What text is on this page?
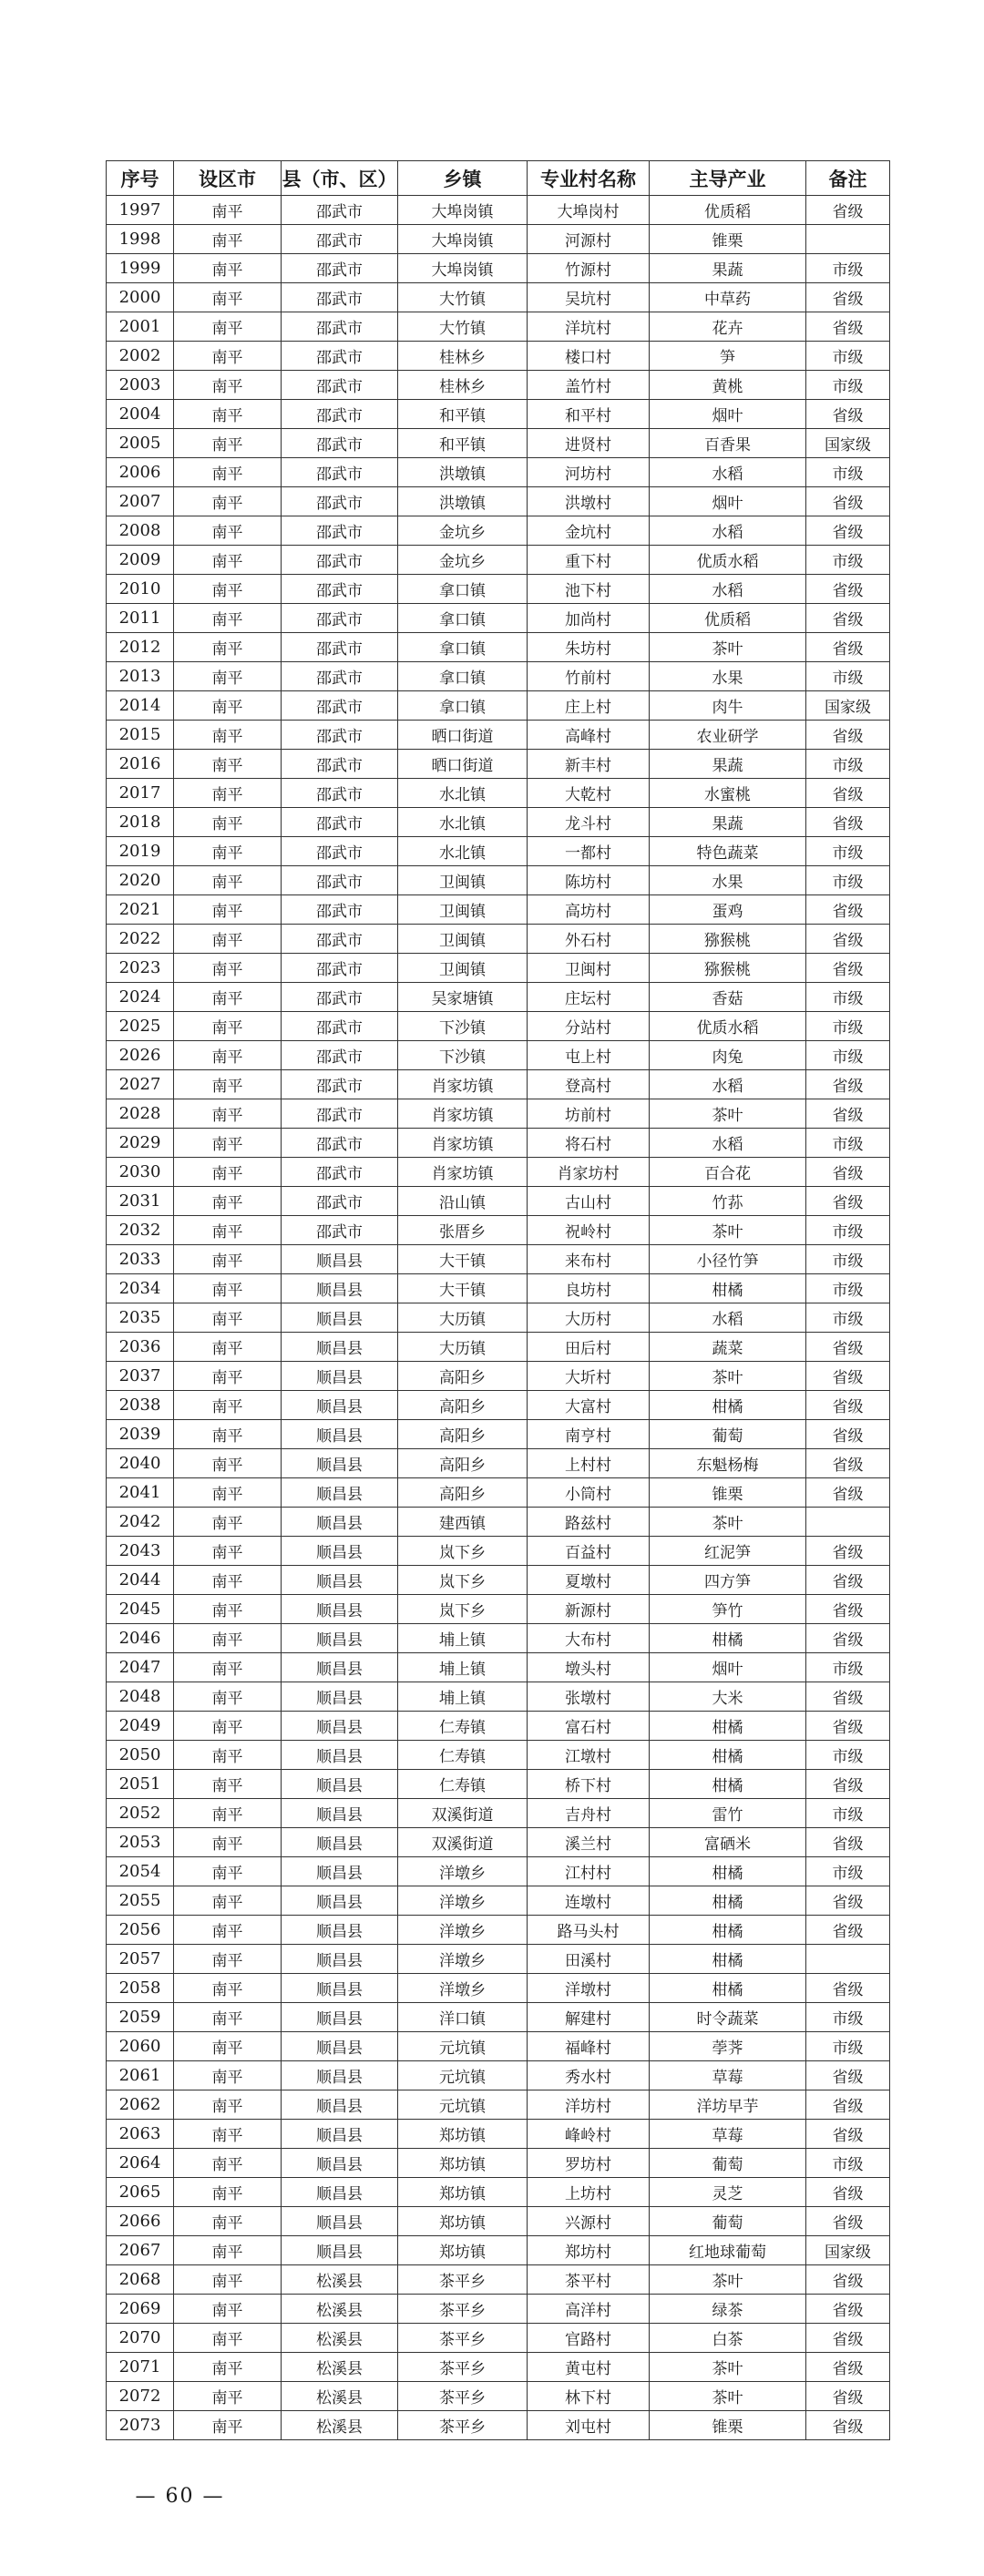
序号	设区市	县（市、区）	乡镇	专业村名称	主导产业	备注
1997	南平	邵武市	大埠岗镇	大埠岗村	优质稻	省级
1998	南平	邵武市	大埠岗镇	河源村	锥栗	
1999	南平	邵武市	大埠岗镇	竹源村	果蔬	市级
2000	南平	邵武市	大竹镇	吴坑村	中草药	省级
2001	南平	邵武市	大竹镇	洋坑村	花卉	省级
2002	南平	邵武市	桂林乡	楼口村	笋	市级
2003	南平	邵武市	桂林乡	盖竹村	黄桃	市级
2004	南平	邵武市	和平镇	和平村	烟叶	省级
2005	南平	邵武市	和平镇	进贤村	百香果	国家级
2006	南平	邵武市	洪墩镇	河坊村	水稻	市级
2007	南平	邵武市	洪墩镇	洪墩村	烟叶	省级
2008	南平	邵武市	金坑乡	金坑村	水稻	省级
2009	南平	邵武市	金坑乡	重下村	优质水稻	市级
2010	南平	邵武市	拿口镇	池下村	水稻	省级
2011	南平	邵武市	拿口镇	加尚村	优质稻	省级
2012	南平	邵武市	拿口镇	朱坊村	茶叶	省级
2013	南平	邵武市	拿口镇	竹前村	水果	市级
2014	南平	邵武市	拿口镇	庄上村	肉牛	国家级
2015	南平	邵武市	晒口街道	高峰村	农业研学	省级
2016	南平	邵武市	晒口街道	新丰村	果蔬	市级
2017	南平	邵武市	水北镇	大乾村	水蜜桃	省级
2018	南平	邵武市	水北镇	龙斗村	果蔬	省级
2019	南平	邵武市	水北镇	一都村	特色蔬菜	市级
2020	南平	邵武市	卫闽镇	陈坊村	水果	市级
2021	南平	邵武市	卫闽镇	高坊村	蛋鸡	省级
2022	南平	邵武市	卫闽镇	外石村	猕猴桃	省级
2023	南平	邵武市	卫闽镇	卫闽村	猕猴桃	省级
2024	南平	邵武市	吴家塘镇	庄坛村	香菇	市级
2025	南平	邵武市	下沙镇	分站村	优质水稻	市级
2026	南平	邵武市	下沙镇	屯上村	肉兔	市级
2027	南平	邵武市	肖家坊镇	登高村	水稻	省级
2028	南平	邵武市	肖家坊镇	坊前村	茶叶	省级
2029	南平	邵武市	肖家坊镇	将石村	水稻	市级
2030	南平	邵武市	肖家坊镇	肖家坊村	百合花	省级
2031	南平	邵武市	沿山镇	古山村	竹荪	省级
2032	南平	邵武市	张厝乡	祝岭村	茶叶	市级
2033	南平	顺昌县	大干镇	来布村	小径竹笋	市级
2034	南平	顺昌县	大干镇	良坊村	柑橘	市级
2035	南平	顺昌县	大历镇	大历村	水稻	市级
2036	南平	顺昌县	大历镇	田后村	蔬菜	省级
2037	南平	顺昌县	高阳乡	大圻村	茶叶	省级
2038	南平	顺昌县	高阳乡	大富村	柑橘	省级
2039	南平	顺昌县	高阳乡	南亨村	葡萄	省级
2040	南平	顺昌县	高阳乡	上村村	东魁杨梅	省级
2041	南平	顺昌县	高阳乡	小筒村	锥栗	省级
2042	南平	顺昌县	建西镇	路兹村	茶叶	
2043	南平	顺昌县	岚下乡	百益村	红泥笋	省级
2044	南平	顺昌县	岚下乡	夏墩村	四方笋	省级
2045	南平	顺昌县	岚下乡	新源村	笋竹	省级
2046	南平	顺昌县	埔上镇	大布村	柑橘	省级
2047	南平	顺昌县	埔上镇	墩头村	烟叶	市级
2048	南平	顺昌县	埔上镇	张墩村	大米	省级
2049	南平	顺昌县	仁寿镇	富石村	柑橘	省级
2050	南平	顺昌县	仁寿镇	江墩村	柑橘	市级
2051	南平	顺昌县	仁寿镇	桥下村	柑橘	省级
2052	南平	顺昌县	双溪街道	吉舟村	雷竹	市级
2053	南平	顺昌县	双溪街道	溪兰村	富硒米	省级
2054	南平	顺昌县	洋墩乡	江村村	柑橘	市级
2055	南平	顺昌县	洋墩乡	连墩村	柑橘	省级
2056	南平	顺昌县	洋墩乡	路马头村	柑橘	省级
2057	南平	顺昌县	洋墩乡	田溪村	柑橘	
2058	南平	顺昌县	洋墩乡	洋墩村	柑橘	省级
2059	南平	顺昌县	洋口镇	解建村	时令蔬菜	市级
2060	南平	顺昌县	元坑镇	福峰村	荸荠	市级
2061	南平	顺昌县	元坑镇	秀水村	草莓	省级
2062	南平	顺昌县	元坑镇	洋坊村	洋坊早芋	省级
2063	南平	顺昌县	郑坊镇	峰岭村	草莓	省级
2064	南平	顺昌县	郑坊镇	罗坊村	葡萄	市级
2065	南平	顺昌县	郑坊镇	上坊村	灵芝	省级
2066	南平	顺昌县	郑坊镇	兴源村	葡萄	省级
2067	南平	顺昌县	郑坊镇	郑坊村	红地球葡萄	国家级
2068	南平	松溪县	茶平乡	茶平村	茶叶	省级
2069	南平	松溪县	茶平乡	高洋村	绿茶	省级
2070	南平	松溪县	茶平乡	官路村	白茶	省级
2071	南平	松溪县	茶平乡	黄屯村	茶叶	省级
2072	南平	松溪县	茶平乡	林下村	茶叶	省级
2073	南平	松溪县	茶平乡	刘屯村	锥栗	省级
— 60 —
